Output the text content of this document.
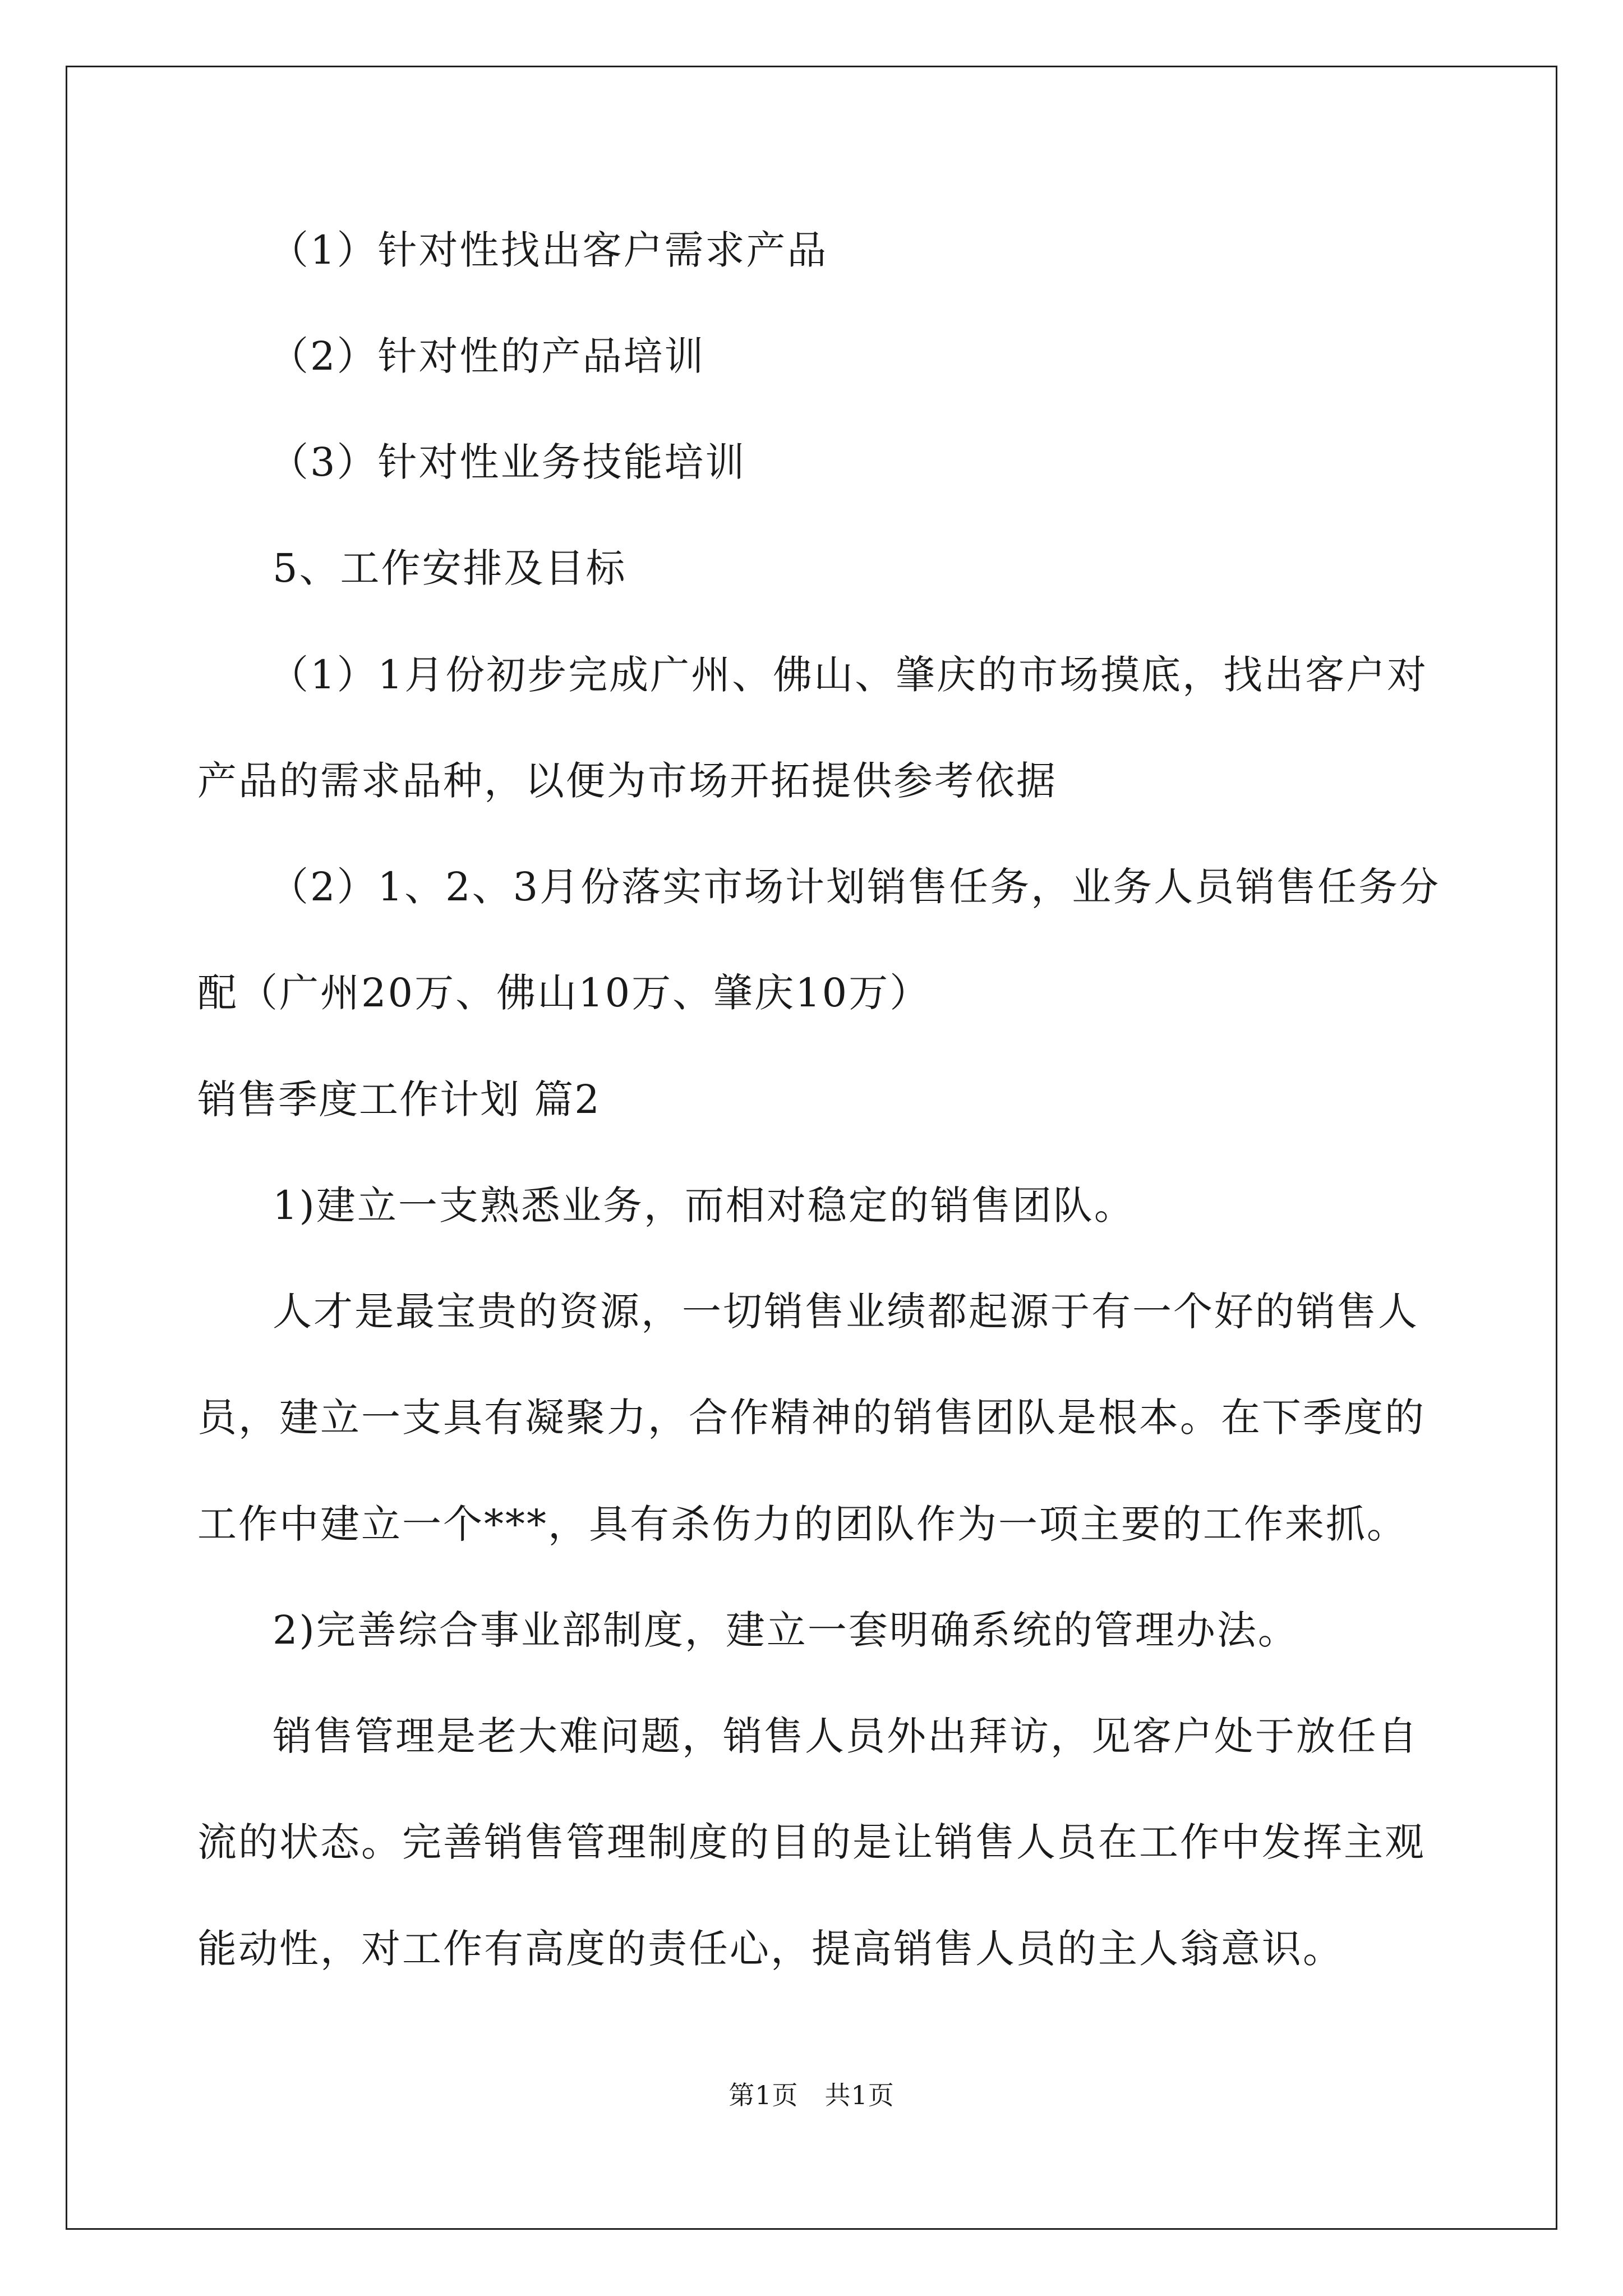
（1）针对性找出客户需求产品

（2）针对性的产品培训

（3）针对性业务技能培训

5、工作安排及目标

（1）1月份初步完成广州、佛山、肇庆的市场摸底，找出客户对

产品的需求品种，以便为市场开拓提供参考依据

（2）1、2、3月份落实市场计划销售任务，业务人员销售任务分

配（广州20万、佛山10万、肇庆10万）

销售季度工作计划 篇2

1)建立一支熟悉业务，而相对稳定的销售团队。

人才是最宝贵的资源，一切销售业绩都起源于有一个好的销售人

员，建立一支具有凝聚力，合作精神的销售团队是根本。在下季度的

工作中建立一个***，具有杀伤力的团队作为一项主要的工作来抓。

2)完善综合事业部制度，建立一套明确系统的管理办法。

销售管理是老大难问题，销售人员外出拜访，见客户处于放任自

流的状态。完善销售管理制度的目的是让销售人员在工作中发挥主观

能动性，对工作有高度的责任心，提高销售人员的主人翁意识。

第1页　共1页
